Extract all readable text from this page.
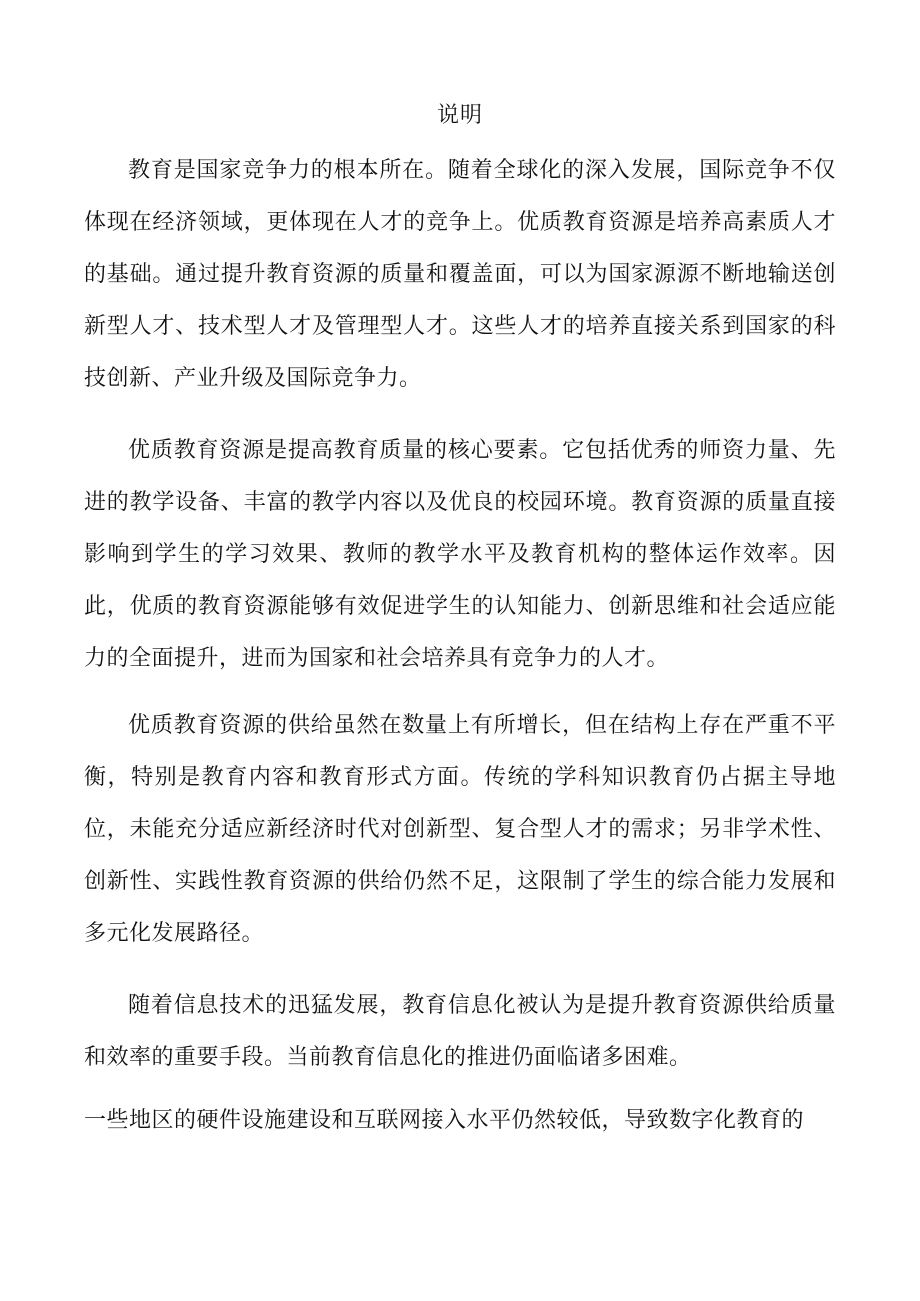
说明

教育是国家竞争力的根本所在。随着全球化的深入发展，国际竞争不仅体现在经济领域，更体现在人才的竞争上。优质教育资源是培养高素质人才的基础。通过提升教育资源的质量和覆盖面，可以为国家源源不断地输送创新型人才、技术型人才及管理型人才。这些人才的培养直接关系到国家的科技创新、产业升级及国际竞争力。

优质教育资源是提高教育质量的核心要素。它包括优秀的师资力量、先进的教学设备、丰富的教学内容以及优良的校园环境。教育资源的质量直接影响到学生的学习效果、教师的教学水平及教育机构的整体运作效率。因此，优质的教育资源能够有效促进学生的认知能力、创新思维和社会适应能力的全面提升，进而为国家和社会培养具有竞争力的人才。

优质教育资源的供给虽然在数量上有所增长，但在结构上存在严重不平衡，特别是教育内容和教育形式方面。传统的学科知识教育仍占据主导地位，未能充分适应新经济时代对创新型、复合型人才的需求；另非学术性、创新性、实践性教育资源的供给仍然不足，这限制了学生的综合能力发展和多元化发展路径。

随着信息技术的迅猛发展，教育信息化被认为是提升教育资源供给质量和效率的重要手段。当前教育信息化的推进仍面临诸多困难。

一些地区的硬件设施建设和互联网接入水平仍然较低，导致数字化教育的
